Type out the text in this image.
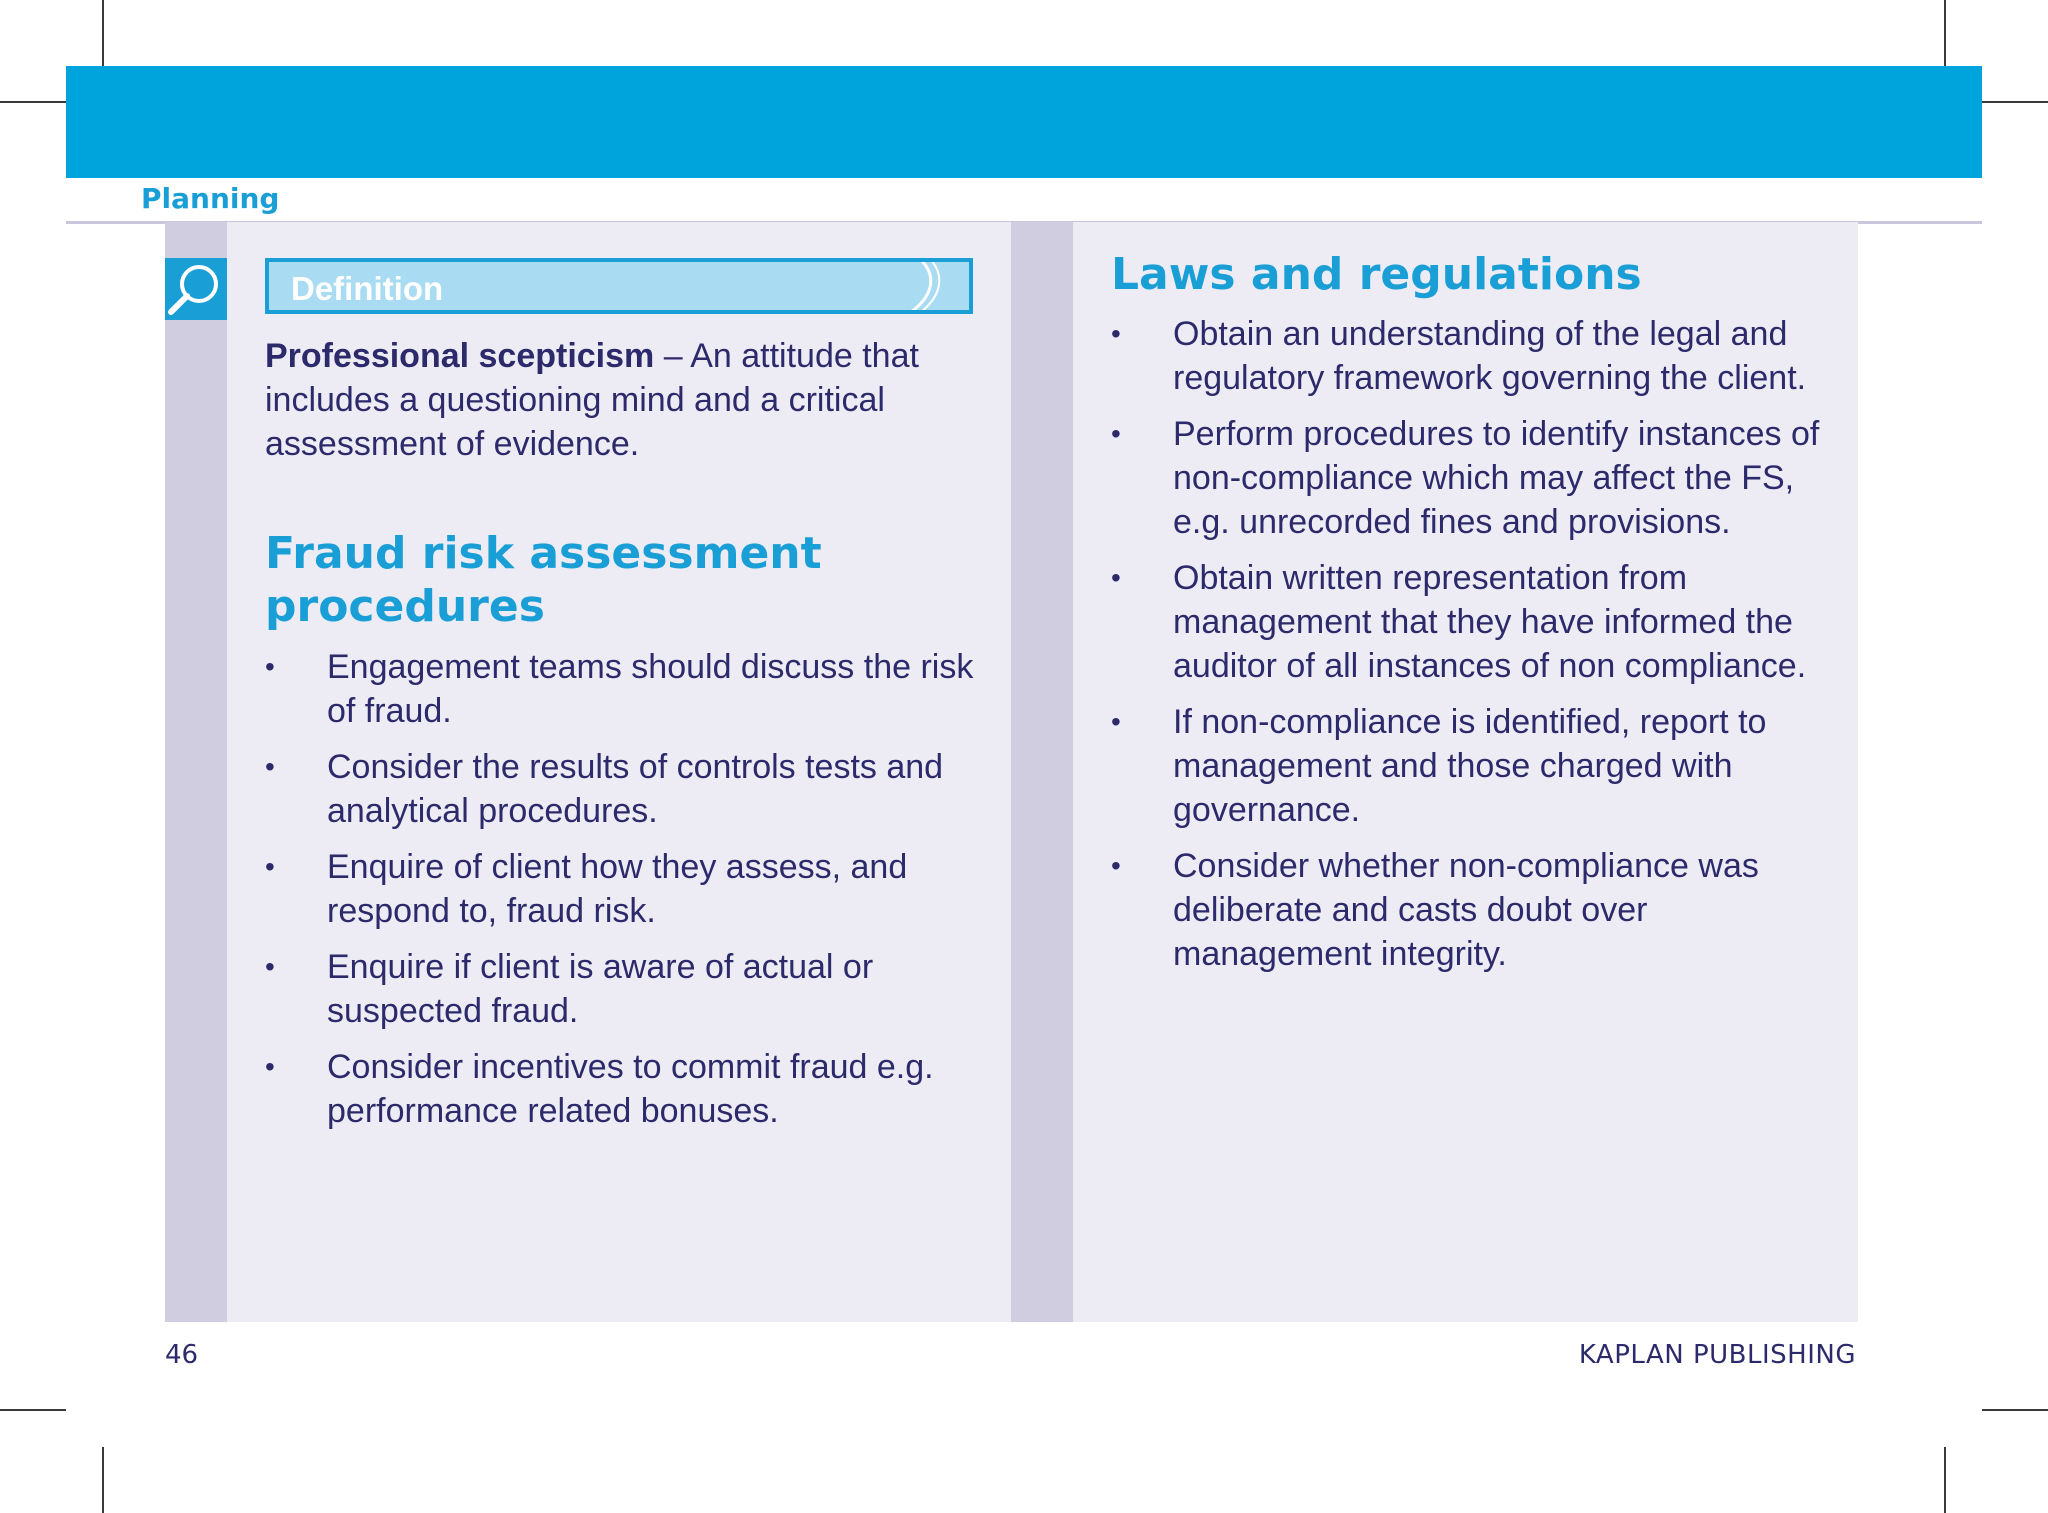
Planning
Definition
Professional scepticism – An attitude that includes a questioning mind and a critical assessment of evidence.
Fraud risk assessment procedures
• Engagement teams should discuss the risk of fraud.
• Consider the results of controls tests and analytical procedures.
• Enquire of client how they assess, and respond to, fraud risk.
• Enquire if client is aware of actual or suspected fraud.
• Consider incentives to commit fraud e.g. performance related bonuses.
Laws and regulations
• Obtain an understanding of the legal and regulatory framework governing the client.
• Perform procedures to identify instances of non-compliance which may affect the FS, e.g. unrecorded fines and provisions.
• Obtain written representation from management that they have informed the auditor of all instances of non compliance.
• If non-compliance is identified, report to management and those charged with governance.
• Consider whether non-compliance was deliberate and casts doubt over management integrity.
46	KAPLAN PUBLISHING
